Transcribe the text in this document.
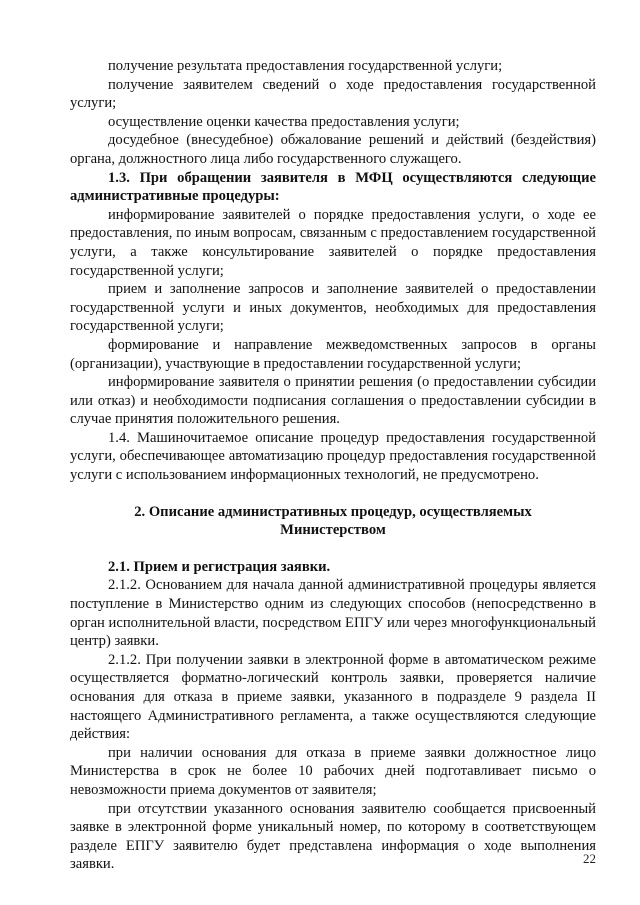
получение результата предоставления государственной услуги;

получение заявителем сведений о ходе предоставления государственной услуги;

осуществление оценки качества предоставления услуги;

досудебное (внесудебное) обжалование решений и действий (бездействия) органа, должностного лица либо государственного служащего.

1.3. При обращении заявителя в МФЦ осуществляются следующие административные процедуры:

информирование заявителей о порядке предоставления услуги, о ходе ее предоставления, по иным вопросам, связанным с предоставлением государственной услуги, а также консультирование заявителей о порядке предоставления государственной услуги;

прием и заполнение запросов и заполнение заявителей о предоставлении государственной услуги и иных документов, необходимых для предоставления государственной услуги;

формирование и направление межведомственных запросов в органы (организации), участвующие в предоставлении государственной услуги;

информирование заявителя о принятии решения (о предоставлении субсидии или отказ) и необходимости подписания соглашения о предоставлении субсидии в случае принятия положительного решения.

1.4. Машиночитаемое описание процедур предоставления государственной услуги, обеспечивающее автоматизацию процедур предоставления государственной услуги с использованием информационных технологий, не предусмотрено.

2. Описание административных процедур, осуществляемых

Министерством

2.1. Прием и регистрация заявки.

2.1.2. Основанием для начала данной административной процедуры является поступление в Министерство одним из следующих способов (непосредственно в орган исполнительной власти, посредством ЕПГУ или через многофункциональный центр) заявки.

2.1.2. При получении заявки в электронной форме в автоматическом режиме осуществляется форматно-логический контроль заявки, проверяется наличие основания для отказа в приеме заявки, указанного в подразделе 9 раздела II настоящего Административного регламента, а также осуществляются следующие действия:

при наличии основания для отказа в приеме заявки должностное лицо Министерства в срок не более 10 рабочих дней подготавливает письмо о невозможности приема документов от заявителя;

при отсутствии указанного основания заявителю сообщается присвоенный заявке в электронной форме уникальный номер, по которому в соответствующем разделе ЕПГУ заявителю будет представлена информация о ходе выполнения заявки.	22
